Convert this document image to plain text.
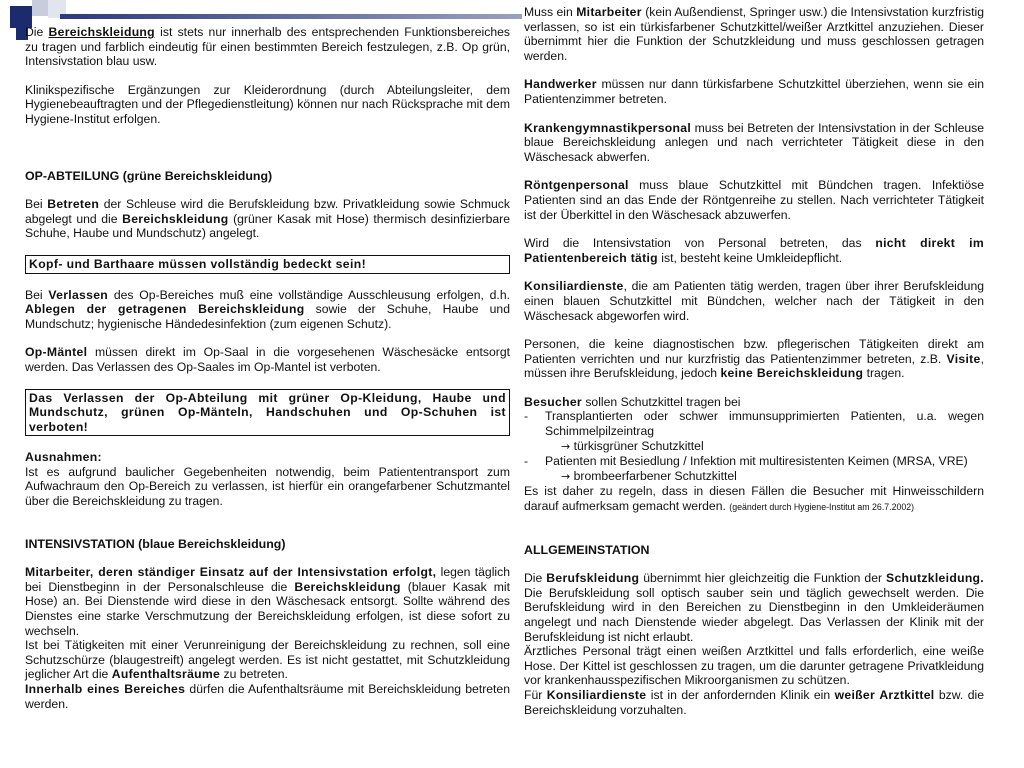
Die Bereichskleidung ist stets nur innerhalb des entsprechenden Funktionsbereiches zu tragen und farblich eindeutig für einen bestimmten Bereich festzulegen, z.B. Op grün, Intensivstation blau usw.

Klinikspezifische Ergänzungen zur Kleiderordnung (durch Abteilungsleiter, dem Hygienebeauftragten und der Pflegedienstleitung) können nur nach Rücksprache mit dem Hygiene-Institut erfolgen.

OP-ABTEILUNG (grüne Bereichskleidung)

Bei Betreten der Schleuse wird die Berufskleidung bzw. Privatkleidung sowie Schmuck abgelegt und die Bereichskleidung (grüner Kasak mit Hose) thermisch desinfizierbare Schuhe, Haube und Mundschutz) angelegt.

Kopf- und Barthaare müssen vollständig bedeckt sein!

Bei Verlassen des Op-Bereiches muß eine vollständige Ausschleusung erfolgen, d.h. Ablegen der getragenen Bereichskleidung sowie der Schuhe, Haube und Mundschutz; hygienische Händedesinfektion (zum eigenen Schutz).

Op-Mäntel müssen direkt im Op-Saal in die vorgesehenen Wäschesäcke entsorgt werden. Das Verlassen des Op-Saales im Op-Mantel ist verboten.

Das Verlassen der Op-Abteilung mit grüner Op-Kleidung, Haube und Mundschutz, grünen Op-Mänteln, Handschuhen und Op-Schuhen ist verboten!

Ausnahmen:

Ist es aufgrund baulicher Gegebenheiten notwendig, beim Patiententransport zum Aufwachraum den Op-Bereich zu verlassen, ist hierfür ein orangefarbener Schutzmantel über die Bereichskleidung zu tragen.

INTENSIVSTATION (blaue Bereichskleidung)

Mitarbeiter, deren ständiger Einsatz auf der Intensivstation erfolgt, legen täglich bei Dienstbeginn in der Personalschleuse die Bereichskleidung (blauer Kasak mit Hose) an. Bei Dienstende wird diese in den Wäschesack entsorgt. Sollte während des Dienstes eine starke Verschmutzung der Bereichskleidung erfolgen, ist diese sofort zu wechseln.

Ist bei Tätigkeiten mit einer Verunreinigung der Bereichskleidung zu rechnen, soll eine Schutzschürze (blaugestreift) angelegt werden. Es ist nicht gestattet, mit Schutzkleidung jeglicher Art die Aufenthaltsräume zu betreten.

Innerhalb eines Bereiches dürfen die Aufenthaltsräume mit Bereichskleidung betreten werden.

Muss ein Mitarbeiter (kein Außendienst, Springer usw.) die Intensivstation kurzfristig verlassen, so ist ein türkisfarbener Schutzkittel/weißer Arztkittel anzuziehen. Dieser übernimmt hier die Funktion der Schutzkleidung und muss geschlossen getragen werden.

Handwerker müssen nur dann türkisfarbene Schutzkittel überziehen, wenn sie ein Patientenzimmer betreten.

Krankengymnastikpersonal muss bei Betreten der Intensivstation in der Schleuse blaue Bereichskleidung anlegen und nach verrichteter Tätigkeit diese in den Wäschesack abwerfen.

Röntgenpersonal muss blaue Schutzkittel mit Bündchen tragen. Infektiöse Patienten sind an das Ende der Röntgenreihe zu stellen. Nach verrichteter Tätigkeit ist der Überkittel in den Wäschesack abzuwerfen.

Wird die Intensivstation von Personal betreten, das nicht direkt im Patientenbereich tätig ist, besteht keine Umkleidepflicht.

Konsiliardienste, die am Patienten tätig werden, tragen über ihrer Berufskleidung einen blauen Schutzkittel mit Bündchen, welcher nach der Tätigkeit in den Wäschesack abgeworfen wird.

Personen, die keine diagnostischen bzw. pflegerischen Tätigkeiten direkt am Patienten verrichten und nur kurzfristig das Patientenzimmer betreten, z.B. Visite, müssen ihre Berufskleidung, jedoch keine Bereichskleidung tragen.

Besucher sollen Schutzkittel tragen bei

- Transplantierten oder schwer immunsupprimierten Patienten, u.a. wegen Schimmelpilzeintrag
→ türkisgrüner Schutzkittel

- Patienten mit Besiedlung / Infektion mit multiresistenten Keimen (MRSA, VRE)
→ brombeerfarbener Schutzkittel

Es ist daher zu regeln, dass in diesen Fällen die Besucher mit Hinweisschildern darauf aufmerksam gemacht werden. (geändert durch Hygiene-Institut am 26.7.2002)

ALLGEMEINSTATION

Die Berufskleidung übernimmt hier gleichzeitig die Funktion der Schutzkleidung. Die Berufskleidung soll optisch sauber sein und täglich gewechselt werden. Die Berufskleidung wird in den Bereichen zu Dienstbeginn in den Umkleideräumen angelegt und nach Dienstende wieder abgelegt. Das Verlassen der Klinik mit der Berufskleidung ist nicht erlaubt.

Ärztliches Personal trägt einen weißen Arztkittel und falls erforderlich, eine weiße Hose. Der Kittel ist geschlossen zu tragen, um die darunter getragene Privatkleidung vor krankenhausspezifischen Mikroorganismen zu schützen.

Für Konsiliardienste ist in der anfordernden Klinik ein weißer Arztkittel bzw. die Bereichskleidung vorzuhalten.
